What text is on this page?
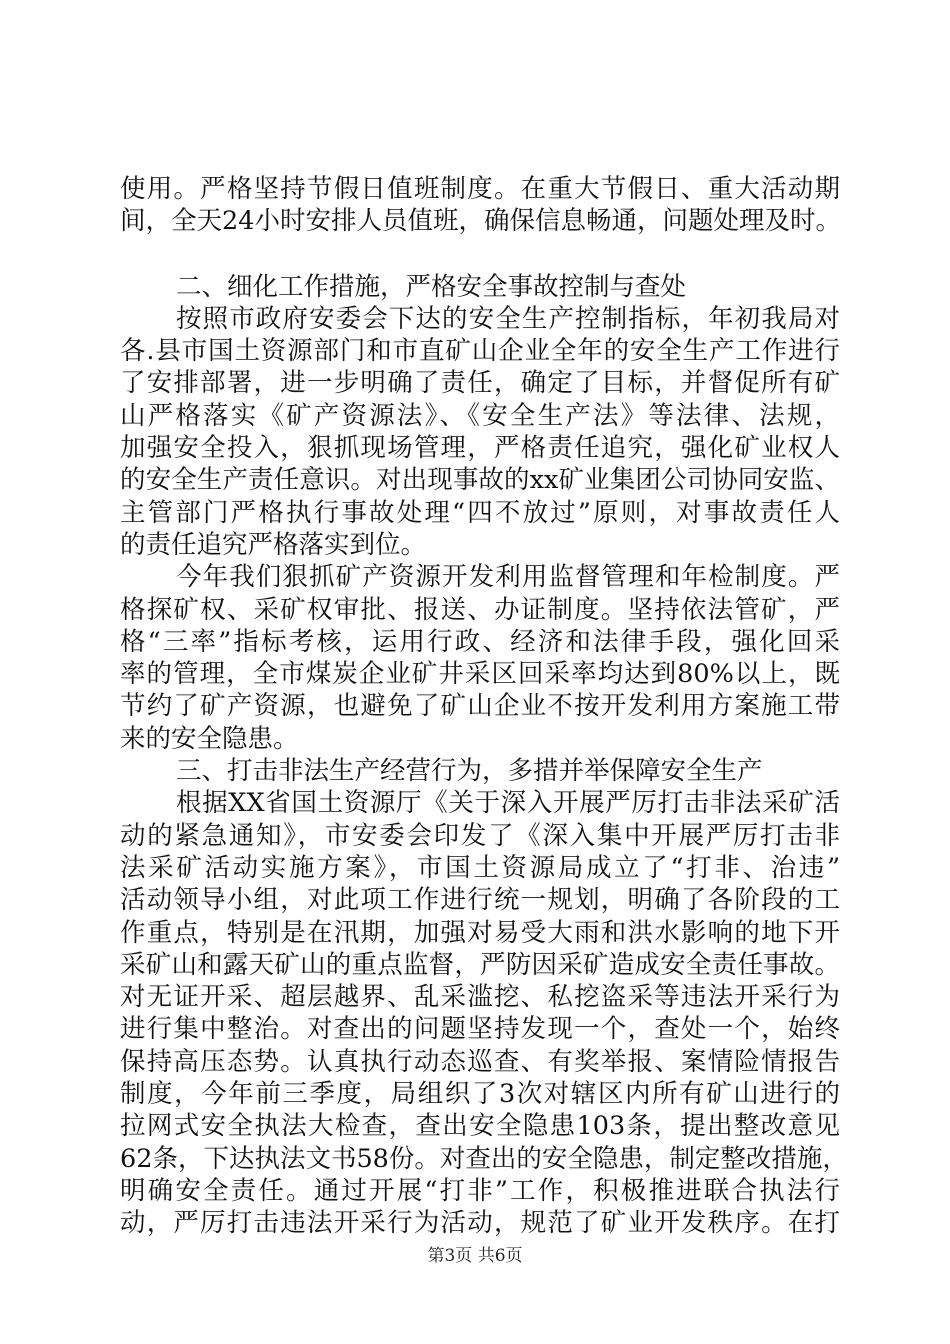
使用。严格坚持节假日值班制度。在重大节假日、重大活动期
间，全天24小时安排人员值班，确保信息畅通，问题处理及时。
二、细化工作措施，严格安全事故控制与查处
按照市政府安委会下达的安全生产控制指标，年初我局对
各.县市国土资源部门和市直矿山企业全年的安全生产工作进行
了安排部署，进一步明确了责任，确定了目标，并督促所有矿
山严格落实《矿产资源法》、《安全生产法》等法律、法规，
加强安全投入，狠抓现场管理，严格责任追究，强化矿业权人
的安全生产责任意识。对出现事故的xx矿业集团公司协同安监、
主管部门严格执行事故处理“四不放过”原则，对事故责任人
的责任追究严格落实到位。
今年我们狠抓矿产资源开发利用监督管理和年检制度。严
格探矿权、采矿权审批、报送、办证制度。坚持依法管矿，严
格“三率”指标考核，运用行政、经济和法律手段，强化回采
率的管理，全市煤炭企业矿井采区回采率均达到80%以上，既
节约了矿产资源，也避免了矿山企业不按开发利用方案施工带
来的安全隐患。
三、打击非法生产经营行为，多措并举保障安全生产
根据XX省国土资源厅《关于深入开展严厉打击非法采矿活
动的紧急通知》，市安委会印发了《深入集中开展严厉打击非
法采矿活动实施方案》，市国土资源局成立了“打非、治违”
活动领导小组，对此项工作进行统一规划，明确了各阶段的工
作重点，特别是在汛期，加强对易受大雨和洪水影响的地下开
采矿山和露天矿山的重点监督，严防因采矿造成安全责任事故。
对无证开采、超层越界、乱采滥挖、私挖盗采等违法开采行为
进行集中整治。对查出的问题坚持发现一个，查处一个，始终
保持高压态势。认真执行动态巡查、有奖举报、案情险情报告
制度，今年前三季度，局组织了3次对辖区内所有矿山进行的
拉网式安全执法大检查，查出安全隐患103条，提出整改意见
62条，下达执法文书58份。对查出的安全隐患，制定整改措施，
明确安全责任。通过开展“打非”工作，积极推进联合执法行
动，严厉打击违法开采行为活动，规范了矿业开发秩序。在打
第3页 共6页
